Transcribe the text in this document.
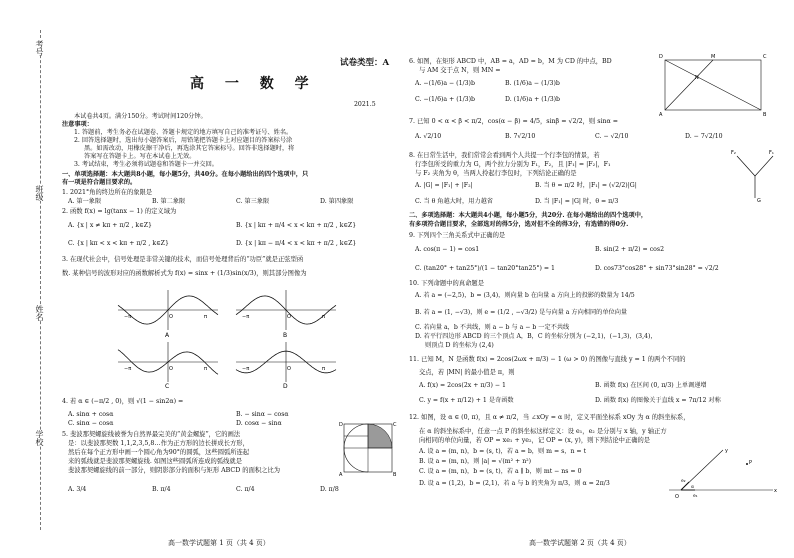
考号
班级
姓名
学校
试卷类型：A
高 一 数 学
2021.5
本试卷共4页。满分150分。考试时间120分钟。
注意事项：
1. 答题前，考生务必在试题卷、答题卡规定的地方填写自己的准考证号、姓名。
2. 回答选择题时，选出每小题答案后，用铅笔把答题卡上对应题目的答案标号涂
黑。如需改动，用橡皮擦干净后，再选涂其它答案标号。回答非选择题时，将
答案写在答题卡上。写在本试卷上无效。
3. 考试结束，考生必须将试题卷和答题卡一并交回。
一、单项选择题：本大题共8小题，每小题5分，共40分。在每小题给出的四个选项中，只
有一项是符合题目要求的。
1. 2021°角的终边所在的象限是
A. 第一象限	B. 第二象限	C. 第三象限	D. 第四象限
2. 函数 f(x) = lg(tanx − 1) 的定义域为
A. {x | x ≠ kπ + π/2 , k∈Z}	B. {x | kπ + π/4 < x < kπ + π/2 , k∈Z}
C. {x | kπ < x < kπ + π/2 , k∈Z}	D. {x | kπ − π/4 < x < kπ + π/2 , k∈Z}
3. 在现代社会中，信号处理是非常关键的技术，而信号处理背后的“功臣”就是正弦型函
数. 某种信号的波形对应的函数解析式为 f(x) = sinx + (1/3)sin(x/3)，则其部分图像为
−π	π
O
A
−π	π
O
B
−π	π
O
C
−π	π
O
D
4. 若 α ∈ (−π/2 , 0)，则 √(1 − sin2α) =
A. sinα + cosα	B. − sinα − cosα
C. sinα − cosα	D. cosα − sinα
5. 斐波那契螺旋线被誉为自然界最完美的“黄金螺旋”，它的画法
是：以斐波那契数 1,1,2,3,5,8…作为正方形的边长拼成长方形，
然后在每个正方形中画一个圆心角为90°的圆弧，这些圆弧所连起
来的弧线就是斐波那契螺旋线. 如图这些圆弧所连成的弧线就是
斐波那契螺旋线的前一部分，则阴影部分的面积与矩形 ABCD 的面积之比为
A. 3/4	B. π/4	C. π/4	D. π/8
D	C
A	B
高一数学试题第 1 页（共 4 页）
6. 如图，在矩形 ABCD 中，AB = a，AD = b，M 为 CD 的中点，BD
与 AM 交于点 N，则 MN =
A. −(1/6)a − (1/3)b	B. (1/6)a − (1/3)b
C. −(1/6)a + (1/3)b	D. (1/6)a + (1/3)b
D	M	C
N
A	B
7. 已知 0 < α < β < π/2，cos(α − β) = 4/5，sinβ = √2/2，则 sinα =
A. √2/10	B. 7√2/10	C. − √2/10	D. − 7√2/10
8. 在日常生活中，我们常常会看到两个人共提一个行李包的情景，若
行李包所受的重力为 G，两个拉力分别为 F₁，F₂，且 |F₁| = |F₂|，F₁
与 F₂ 夹角为 θ，当两人拎起行李包时，下列结论正确的是
A. |G| = |F₁| + |F₂|	B. 当 θ = π/2 时，|F₁| = (√2/2)|G|
C. 当 θ 角越大时，用力越省	D. 当 |F₁| = |G| 时，θ = π/3
F₂	F₁
G
二、多项选择题：本大题共4小题，每小题5分，共20分. 在每小题给出的四个选项中，
有多项符合题目要求，全部选对的得5分，选对但不全的得3分，有选错的得0分.
9. 下列四个三角关系式中正确的是
A. cos(π − 1) = cos1	B. sin(2 + π/2) = cos2
C. (tan20° + tan25°)/(1 − tan20°tan25°) = 1	D. cos73°cos28° + sin73°sin28° = √2/2
10. 下列命题中的真命题是
A. 若 a = (−2,5)，b = (3,4)，则向量 b 在向量 a 方向上的投影的数量为 14/5
B. 若 a = (1, −√3)，则 e = (1/2 , −√3/2) 是与向量 a 方向相同的单位向量
C. 若向量 a，b 不共线，则 a − b 与 a − b 一定不共线
D. 若平行四边形 ABCD 的三个顶点 A，B，C 的坐标分别为 (−2,1)，(−1,3)，(3,4)，
则顶点 D 的坐标为 (2,4)
11. 已知 M，N 是函数 f(x) = 2cos(2ωx + π/3) − 1 (ω > 0) 的图像与直线 y = 1 的两个不同的
交点，若 |MN| 的最小值是 π，则
A. f(x) = 2cos(2x + π/3) − 1	B. 函数 f(x) 在区间 (0, π/3) 上单调递增
C. y = f(x + π/12) + 1 是奇函数	D. 函数 f(x) 的图像关于直线 x = 7π/12 对称
12. 如图，设 α ∈ (0, π)，且 α ≠ π/2，当 ∠xOy = α 时，定义平面坐标系 xOy 为 α 的斜坐标系，
在 α 的斜坐标系中，任意一点 P 的斜坐标这样定义：设 e₁，e₂ 是分别与 x 轴，y 轴正方
向相同的单位向量，若 OP = xe₁ + ye₂，记 OP = (x, y)，则下列结论中正确的是
A. 设 a = (m, n)，b = (s, t)，若 a = b，则 m = s，n = t
B. 设 a = (m, n)，则 |a| = √(m² + n²)
C. 设 a = (m, n)，b = (s, t)，若 a ∥ b，则 mt − ns = 0
D. 设 a = (1,2)，b = (2,1)，若 a 与 b 的夹角为 π/3，则 α = 2π/3
y
P
O
α
e₁
x
e₂
高一数学试题第 2 页（共 4 页）
